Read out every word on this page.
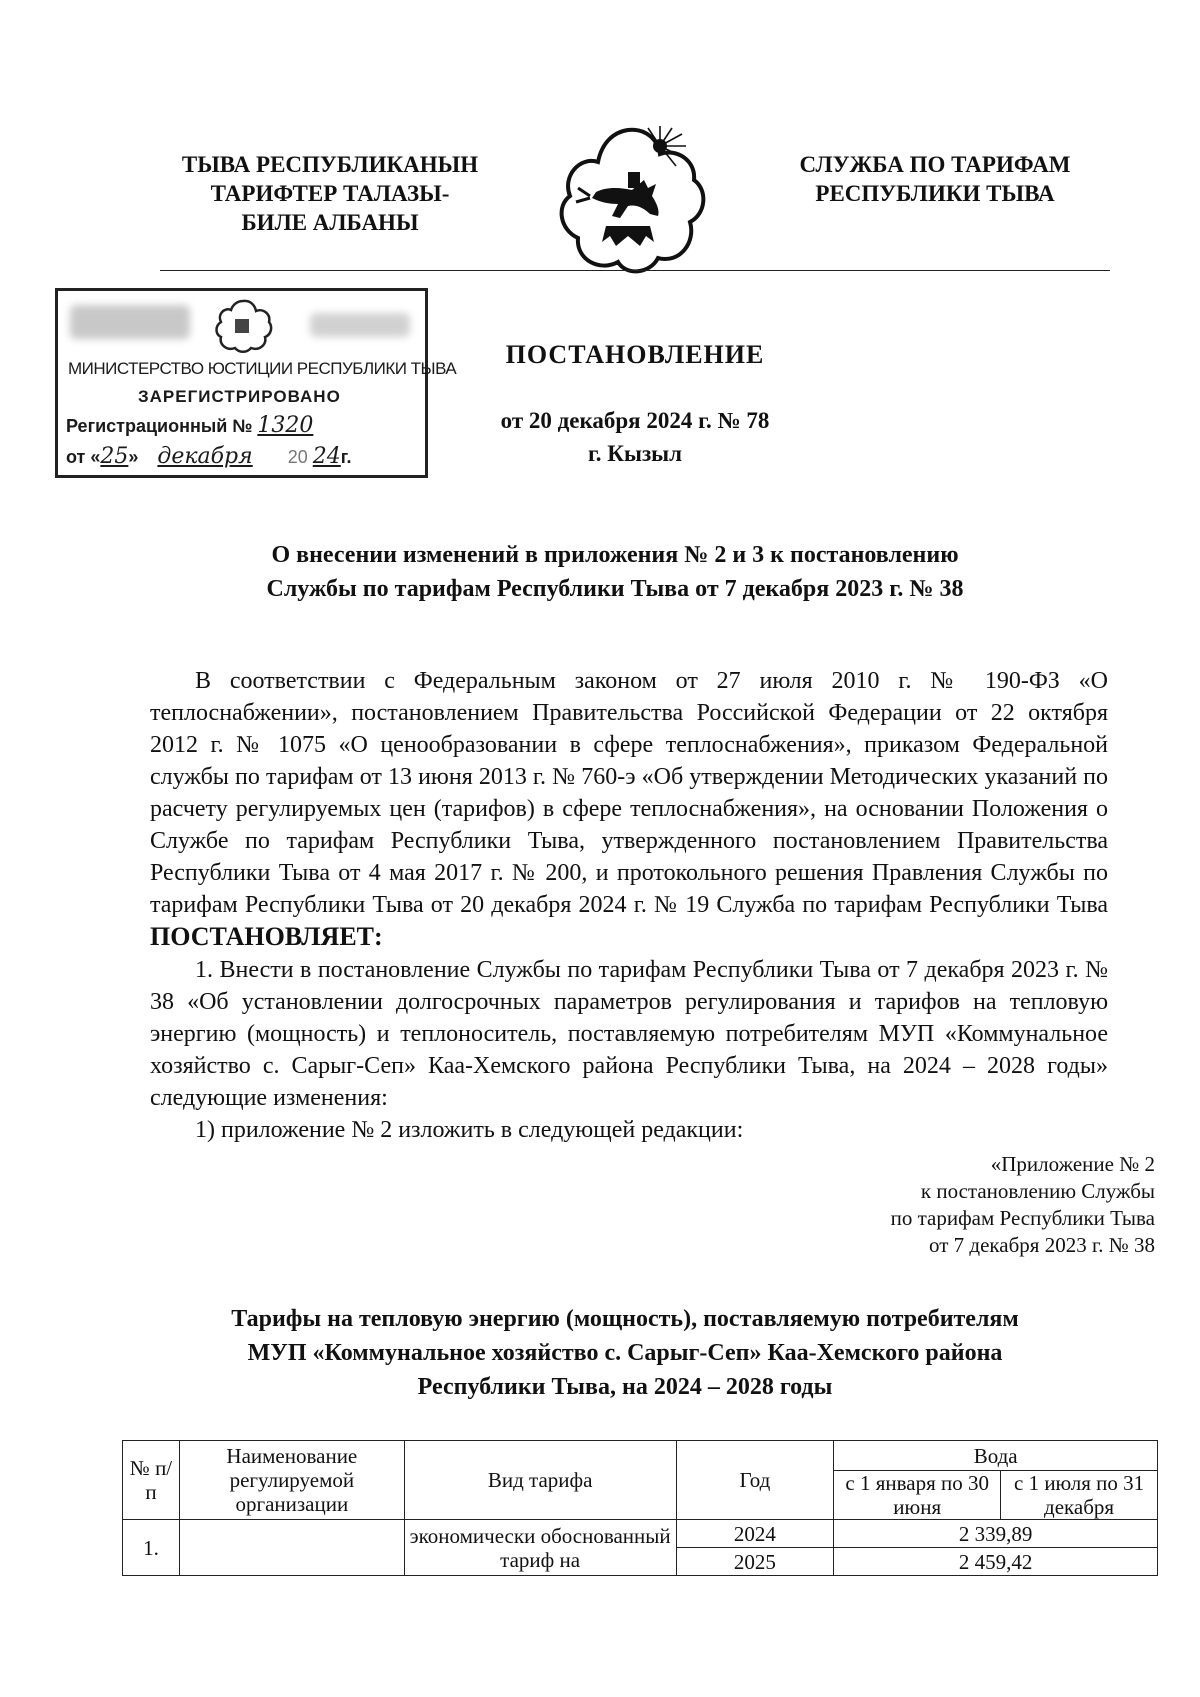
ТЫВА РЕСПУБЛИКАНЫН
ТАРИФТЕР ТАЛАЗЫ-
БИЛЕ АЛБАНЫ
СЛУЖБА ПО ТАРИФАМ
РЕСПУБЛИКИ ТЫВА
МИНИСТЕРСТВО ЮСТИЦИИ РЕСПУБЛИКИ ТЫВА
ЗАРЕГИСТРИРОВАНО
Регистрационный № 1320
от «25» декабря 20 24г.
ПОСТАНОВЛЕНИЕ
от 20 декабря 2024 г. № 78
г. Кызыл
О внесении изменений в приложения № 2 и 3 к постановлению
Службы по тарифам Республики Тыва от 7 декабря 2023 г. № 38

В соответствии с Федеральным законом от 27 июля 2010 г. № 190-ФЗ «О теплоснабжении», постановлением Правительства Российской Федерации от 22 октября 2012 г. № 1075 «О ценообразовании в сфере теплоснабжения», приказом Федеральной службы по тарифам от 13 июня 2013 г. № 760-э «Об утверждении Методических указаний по расчету регулируемых цен (тарифов) в сфере теплоснабжения», на основании Положения о Службе по тарифам Республики Тыва, утвержденного постановлением Правительства Республики Тыва от 4 мая 2017 г. № 200, и протокольного решения Правления Службы по тарифам Республики Тыва от 20 декабря 2024 г. № 19 Служба по тарифам Республики Тыва ПОСТАНОВЛЯЕТ:

1. Внести в постановление Службы по тарифам Республики Тыва от 7 декабря 2023 г. № 38 «Об установлении долгосрочных параметров регулирования и тарифов на тепловую энергию (мощность) и теплоноситель, поставляемую потребителям МУП «Коммунальное хозяйство с. Сарыг-Сеп» Каа-Хемского района Республики Тыва, на 2024 – 2028 годы» следующие изменения:

1) приложение № 2 изложить в следующей редакции:

«Приложение № 2
к постановлению Службы
по тарифам Республики Тыва
от 7 декабря 2023 г. № 38
Тарифы на тепловую энергию (мощность), поставляемую потребителям
МУП «Коммунальное хозяйство с. Сарыг-Сеп» Каа-Хемского района
Республики Тыва, на 2024 – 2028 годы
№ п/п	Наименование регулируемой организации	Вид тарифа	Год	Вода	
				с 1 января по 30 июня	с 1 июля по 31 декабря
1.		экономически обоснованный тариф на	2024	2 339,89	
			2025	2 459,42	
